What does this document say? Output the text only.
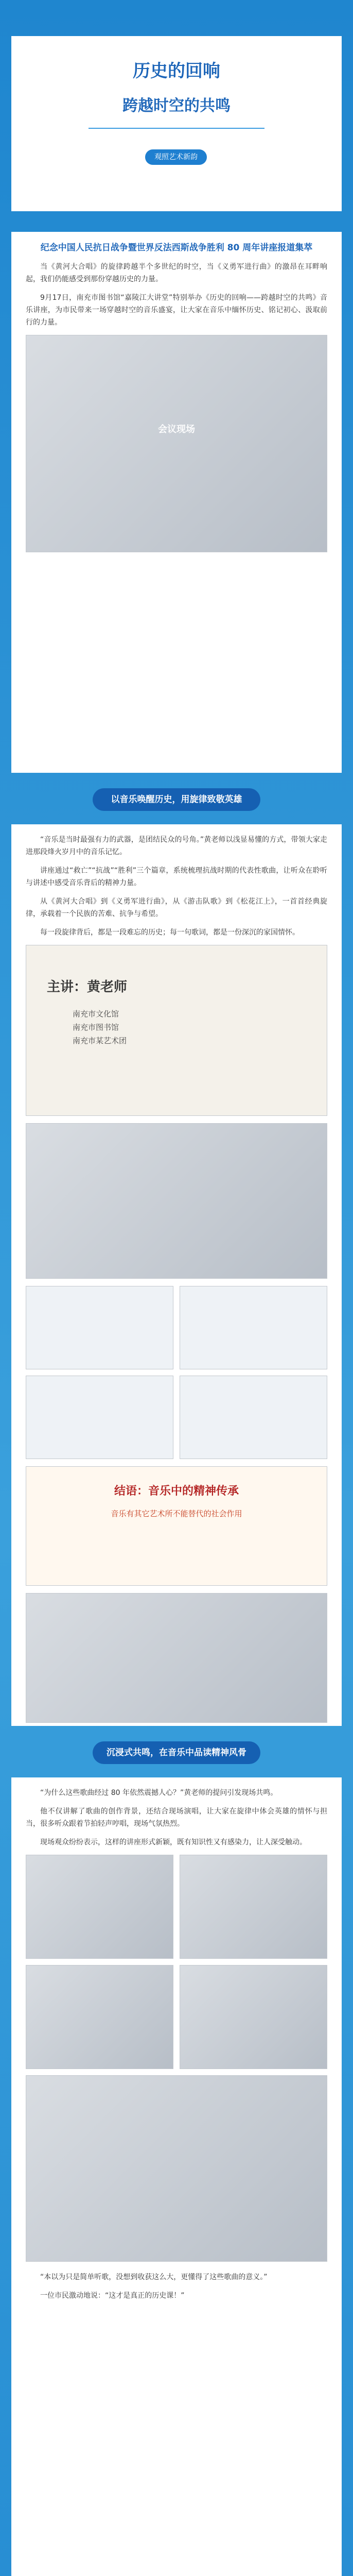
历史的回响
跨越时空的共鸣
观照艺术新韵
纪念中国人民抗日战争暨世界反法西斯战争胜利 80 周年讲座报道集萃

当《黄河大合唱》的旋律跨越半个多世纪的时空，当《义勇军进行曲》的激昂在耳畔响起，我们仍能感受到那份穿越历史的力量。

9月17日，南充市图书馆“嘉陵江大讲堂”特别举办《历史的回响——跨越时空的共鸣》音乐讲座，为市民带来一场穿越时空的音乐盛宴，让大家在音乐中缅怀历史、铭记初心、汲取前行的力量。

会议现场
以音乐唤醒历史，用旋律致敬英雄

“音乐是当时最强有力的武器，是团结民众的号角。”黄老师以浅显易懂的方式，带领大家走进那段烽火岁月中的音乐记忆。

讲座通过“救亡”“抗战”“胜利”三个篇章，系统梳理抗战时期的代表性歌曲，让听众在聆听与讲述中感受音乐背后的精神力量。

从《黄河大合唱》到《义勇军进行曲》，从《游击队歌》到《松花江上》，一首首经典旋律，承载着一个民族的苦难、抗争与希望。

每一段旋律背后，都是一段难忘的历史；每一句歌词，都是一份深沉的家国情怀。

主讲：黄老师
南充市文化馆
南充市图书馆
南充市某艺术团
结语：音乐中的精神传承
音乐有其它艺术所不能替代的社会作用
沉浸式共鸣，在音乐中品读精神风骨

“为什么这些歌曲经过 80 年依然震撼人心？”黄老师的提问引发现场共鸣。

他不仅讲解了歌曲的创作背景，还结合现场演唱，让大家在旋律中体会英雄的情怀与担当，很多听众跟着节拍轻声哼唱，现场气氛热烈。

现场观众纷纷表示，这样的讲座形式新颖，既有知识性又有感染力，让人深受触动。

“本以为只是简单听歌，没想到收获这么大，更懂得了这些歌曲的意义。”

一位市民激动地说：“这才是真正的历史课！”
